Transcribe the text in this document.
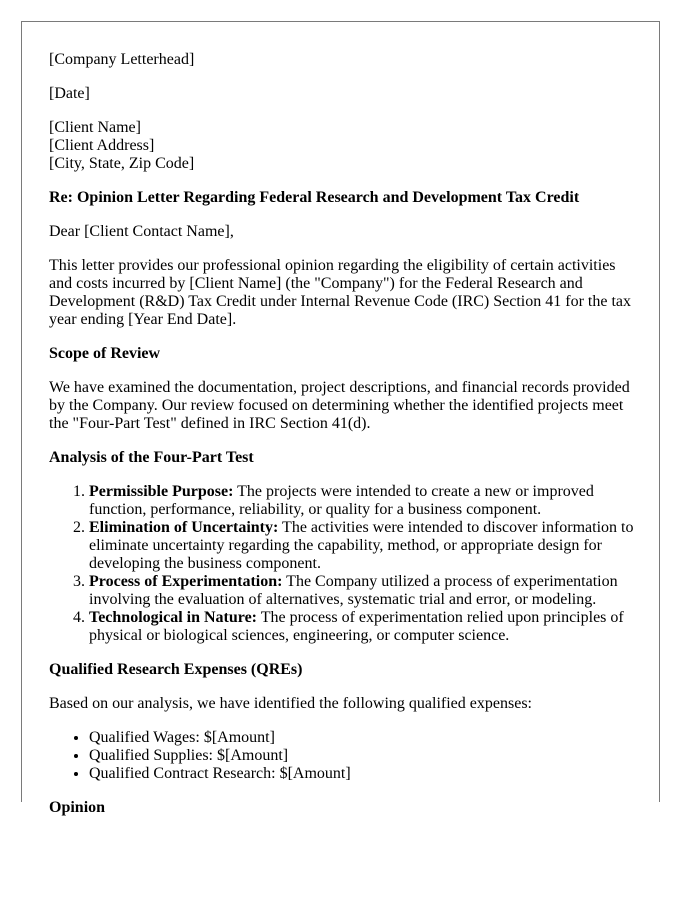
[Company Letterhead]

[Date]

[Client Name]
[Client Address]
[City, State, Zip Code]

Re: Opinion Letter Regarding Federal Research and Development Tax Credit

Dear [Client Contact Name],

This letter provides our professional opinion regarding the eligibility of certain activities and costs incurred by [Client Name] (the "Company") for the Federal Research and Development (R&D) Tax Credit under Internal Revenue Code (IRC) Section 41 for the tax year ending [Year End Date].

Scope of Review

We have examined the documentation, project descriptions, and financial records provided by the Company. Our review focused on determining whether the identified projects meet the "Four-Part Test" defined in IRC Section 41(d).

Analysis of the Four-Part Test

1. Permissible Purpose: The projects were intended to create a new or improved function, performance, reliability, or quality for a business component.
2. Elimination of Uncertainty: The activities were intended to discover information to eliminate uncertainty regarding the capability, method, or appropriate design for developing the business component.
3. Process of Experimentation: The Company utilized a process of experimentation involving the evaluation of alternatives, systematic trial and error, or modeling.
4. Technological in Nature: The process of experimentation relied upon principles of physical or biological sciences, engineering, or computer science.

Qualified Research Expenses (QREs)

Based on our analysis, we have identified the following qualified expenses:

• Qualified Wages: $[Amount]
• Qualified Supplies: $[Amount]
• Qualified Contract Research: $[Amount]

Opinion
